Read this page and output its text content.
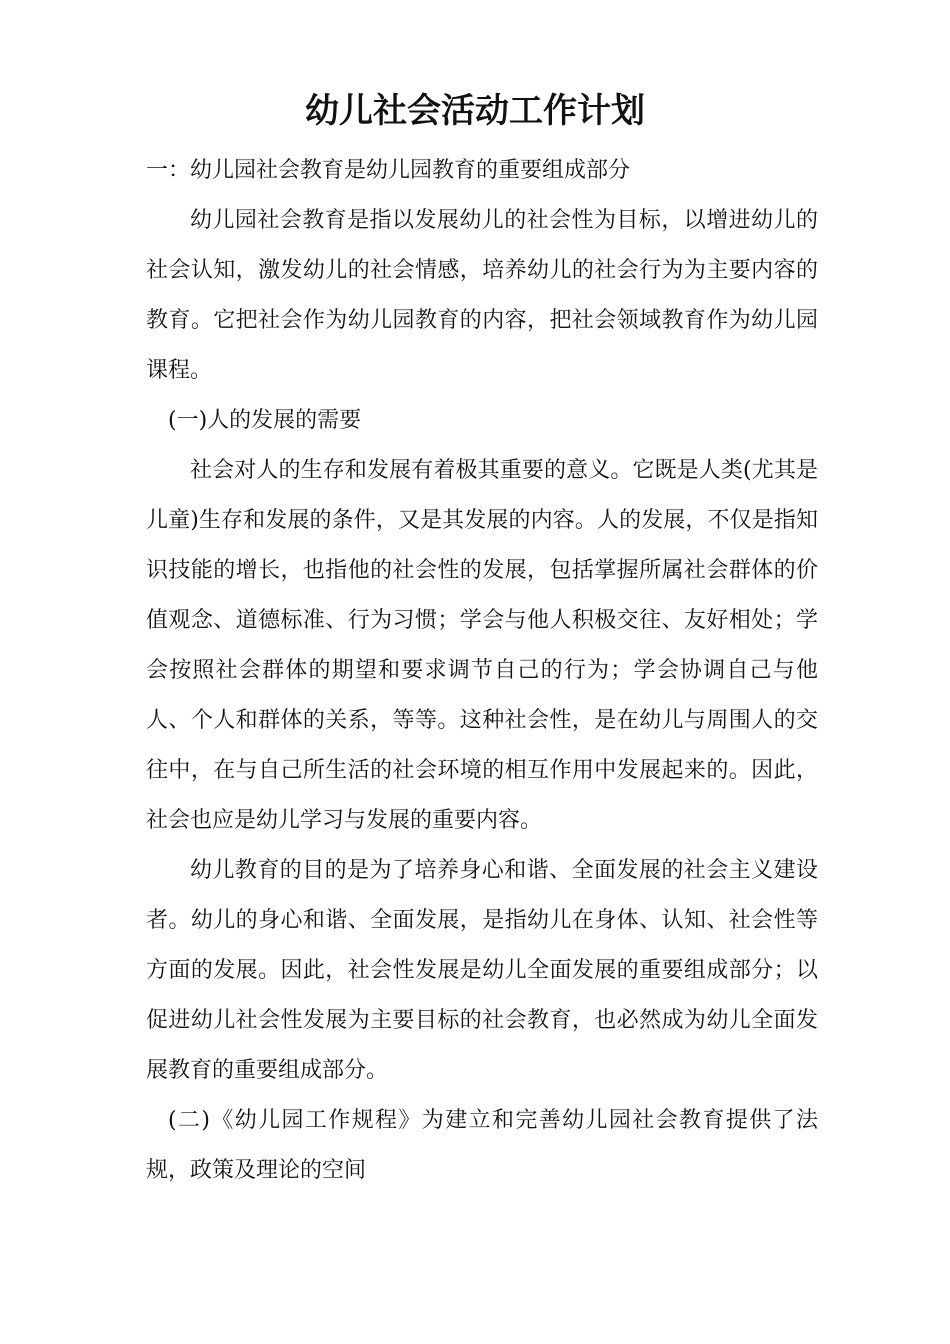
幼儿社会活动工作计划

一：幼儿园社会教育是幼儿园教育的重要组成部分

幼儿园社会教育是指以发展幼儿的社会性为目标，以增进幼儿的社会认知，激发幼儿的社会情感，培养幼儿的社会行为为主要内容的教育。它把社会作为幼儿园教育的内容，把社会领域教育作为幼儿园课程。

(一)人的发展的需要

社会对人的生存和发展有着极其重要的意义。它既是人类(尤其是儿童)生存和发展的条件，又是其发展的内容。人的发展，不仅是指知识技能的增长，也指他的社会性的发展，包括掌握所属社会群体的价值观念、道德标准、行为习惯；学会与他人积极交往、友好相处；学会按照社会群体的期望和要求调节自己的行为；学会协调自己与他人、个人和群体的关系，等等。这种社会性，是在幼儿与周围人的交往中，在与自己所生活的社会环境的相互作用中发展起来的。因此，社会也应是幼儿学习与发展的重要内容。

幼儿教育的目的是为了培养身心和谐、全面发展的社会主义建设者。幼儿的身心和谐、全面发展，是指幼儿在身体、认知、社会性等方面的发展。因此，社会性发展是幼儿全面发展的重要组成部分；以促进幼儿社会性发展为主要目标的社会教育，也必然成为幼儿全面发展教育的重要组成部分。

(二)《幼儿园工作规程》为建立和完善幼儿园社会教育提供了法规，政策及理论的空间
